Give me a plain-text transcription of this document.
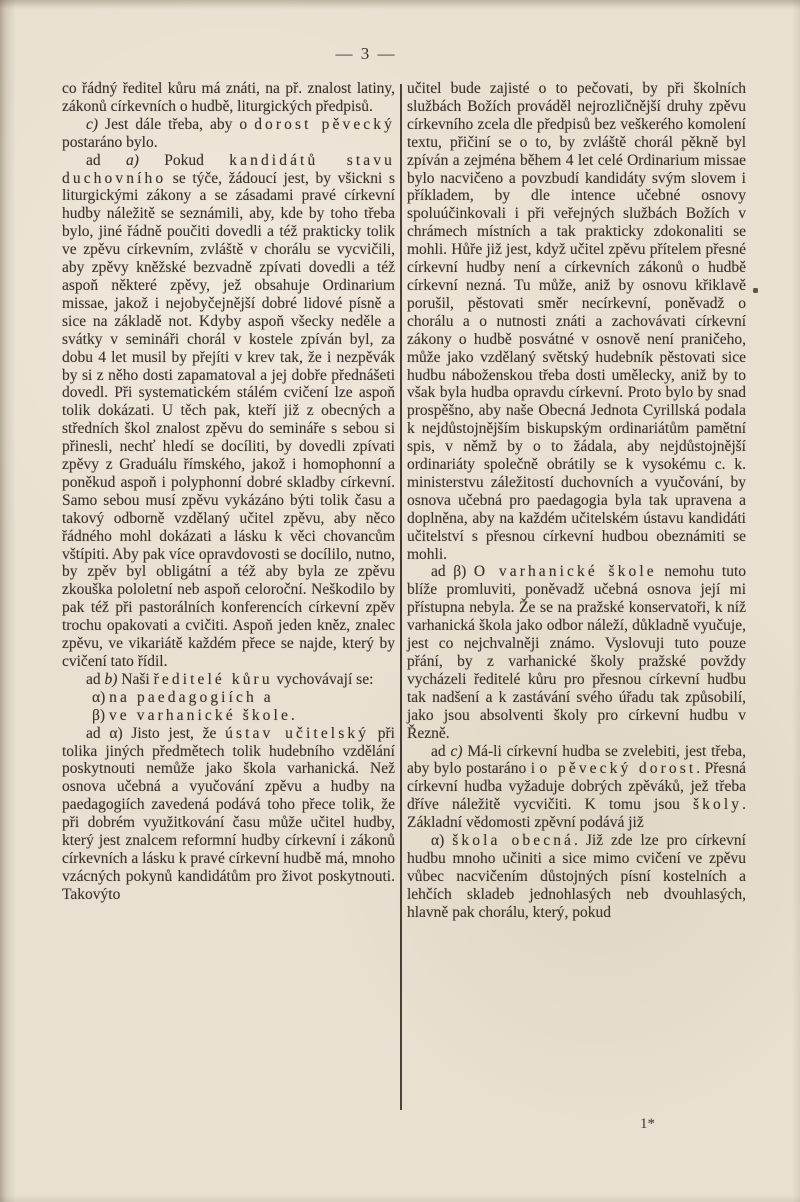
— 3 —

co řádný ředitel kůru má znáti, na př. znalost latiny, zákonů církevních o hudbě, liturgických předpisů.

c) Jest dále třeba, aby o dorost pěvecký postaráno bylo.

ad a) Pokud kandidátů stavu duchovního se týče, žádoucí jest, by všickni s liturgickými zákony a se zásadami pravé církevní hudby náležitě se seznámili, aby, kde by toho třeba bylo, jiné řádně poučiti dovedli a též prakticky tolik ve zpěvu církevním, zvláště v chorálu se vycvičili, aby zpěvy kněžské bezvadně zpívati dovedli a též aspoň některé zpěvy, jež obsahuje Ordinarium missae, jakož i nejobyčejnější dobré lidové písně a sice na základě not. Kdyby aspoň všecky neděle a svátky v semináři chorál v kostele zpíván byl, za dobu 4 let musil by přejíti v krev tak, že i nezpěvák by si z něho dosti zapamatoval a jej dobře přednášeti dovedl. Při systematickém stálém cvičení lze aspoň tolik dokázati. U těch pak, kteří již z obecných a středních škol znalost zpěvu do semináře s sebou si přinesli, nechť hledí se docíliti, by dovedli zpívati zpěvy z Graduálu římského, jakož i homophonní a poněkud aspoň i polyphonní dobré skladby církevní. Samo sebou musí zpěvu vykázáno býti tolik času a takový odborně vzdělaný učitel zpěvu, aby něco řádného mohl dokázati a lásku k věci chovancům vštípiti. Aby pak více opravdovosti se docílilo, nutno, by zpěv byl obligátní a též aby byla ze zpěvu zkouška pololetní neb aspoň celoroční. Neškodilo by pak též při pastorálních konferencích církevní zpěv trochu opakovati a cvičiti. Aspoň jeden kněz, znalec zpěvu, ve vikariátě každém přece se najde, který by cvičení tato řídil.

ad b) Naši ředitelé kůru vychovávají se:

α) na paedagogiích a

β) ve varhanické škole.

ad α) Jisto jest, že ústav učitelský při tolika jiných předmětech tolik hudebního vzdělání poskytnouti nemůže jako škola varhanická. Než osnova učebná a vyučování zpěvu a hudby na paedagogiích zavedená podává toho přece tolik, že při dobrém využitkování času může učitel hudby, který jest znalcem reformní hudby církevní i zákonů církevních a lásku k pravé církevní hudbě má, mnoho vzácných pokynů kandidátům pro život poskytnouti. Takovýto

učitel bude zajisté o to pečovati, by při školních službách Božích prováděl nejrozličnější druhy zpěvu církevního zcela dle předpisů bez veškerého komolení textu, přičiní se o to, by zvláště chorál pěkně byl zpíván a zejména během 4 let celé Ordinarium missae bylo nacvičeno a povzbudí kandidáty svým slovem i příkladem, by dle intence učebné osnovy spoluúčinkovali i při veřejných službách Božích v chrámech místních a tak prakticky zdokonaliti se mohli. Hůře již jest, když učitel zpěvu přítelem přesné církevní hudby není a církevních zákonů o hudbě církevní nezná. Tu může, aniž by osnovu křiklavě porušil, pěstovati směr necírkevní, poněvadž o chorálu a o nutnosti znáti a zachovávati církevní zákony o hudbě posvátné v osnově není praničeho, může jako vzdělaný světský hudebník pěstovati sice hudbu náboženskou třeba dosti umělecky, aniž by to však byla hudba opravdu církevní. Proto bylo by snad prospěšno, aby naše Obecná Jednota Cyrillská podala k nejdůstojnějším biskupským ordinariátům pamětní spis, v němž by o to žádala, aby nejdůstojnější ordinariáty společně obrátily se k vysokému c. k. ministerstvu záležitostí duchovních a vyučování, by osnova učebná pro paedagogia byla tak upravena a doplněna, aby na každém učitelském ústavu kandidáti učitelství s přesnou církevní hudbou obeznámiti se mohli.

ad β) O varhanické škole nemohu tuto blíže promluviti, poněvadž učebná osnova její mi přístupna nebyla. Že se na pražské konservatoři, k níž varhanická škola jako odbor náleží, důkladně vyučuje, jest co nejchvalněji známo. Vyslovuji tuto pouze přání, by z varhanické školy pražské povždy vycházeli ředitelé kůru pro přesnou církevní hudbu tak nadšení a k zastávání svého úřadu tak způsobilí, jako jsou absolventi školy pro církevní hudbu v Řezně.

ad c) Má-li církevní hudba se zvelebiti, jest třeba, aby bylo postaráno i o pěvecký dorost. Přesná církevní hudba vyžaduje dobrých zpěváků, jež třeba dříve náležitě vycvičiti. K tomu jsou školy. Základní vědomosti zpěvní podává již

α) škola obecná. Již zde lze pro církevní hudbu mnoho učiniti a sice mimo cvičení ve zpěvu vůbec nacvičením důstojných písní kostelních a lehčích skladeb jednohlasých neb dvouhlasých, hlavně pak chorálu, který, pokud

1*
